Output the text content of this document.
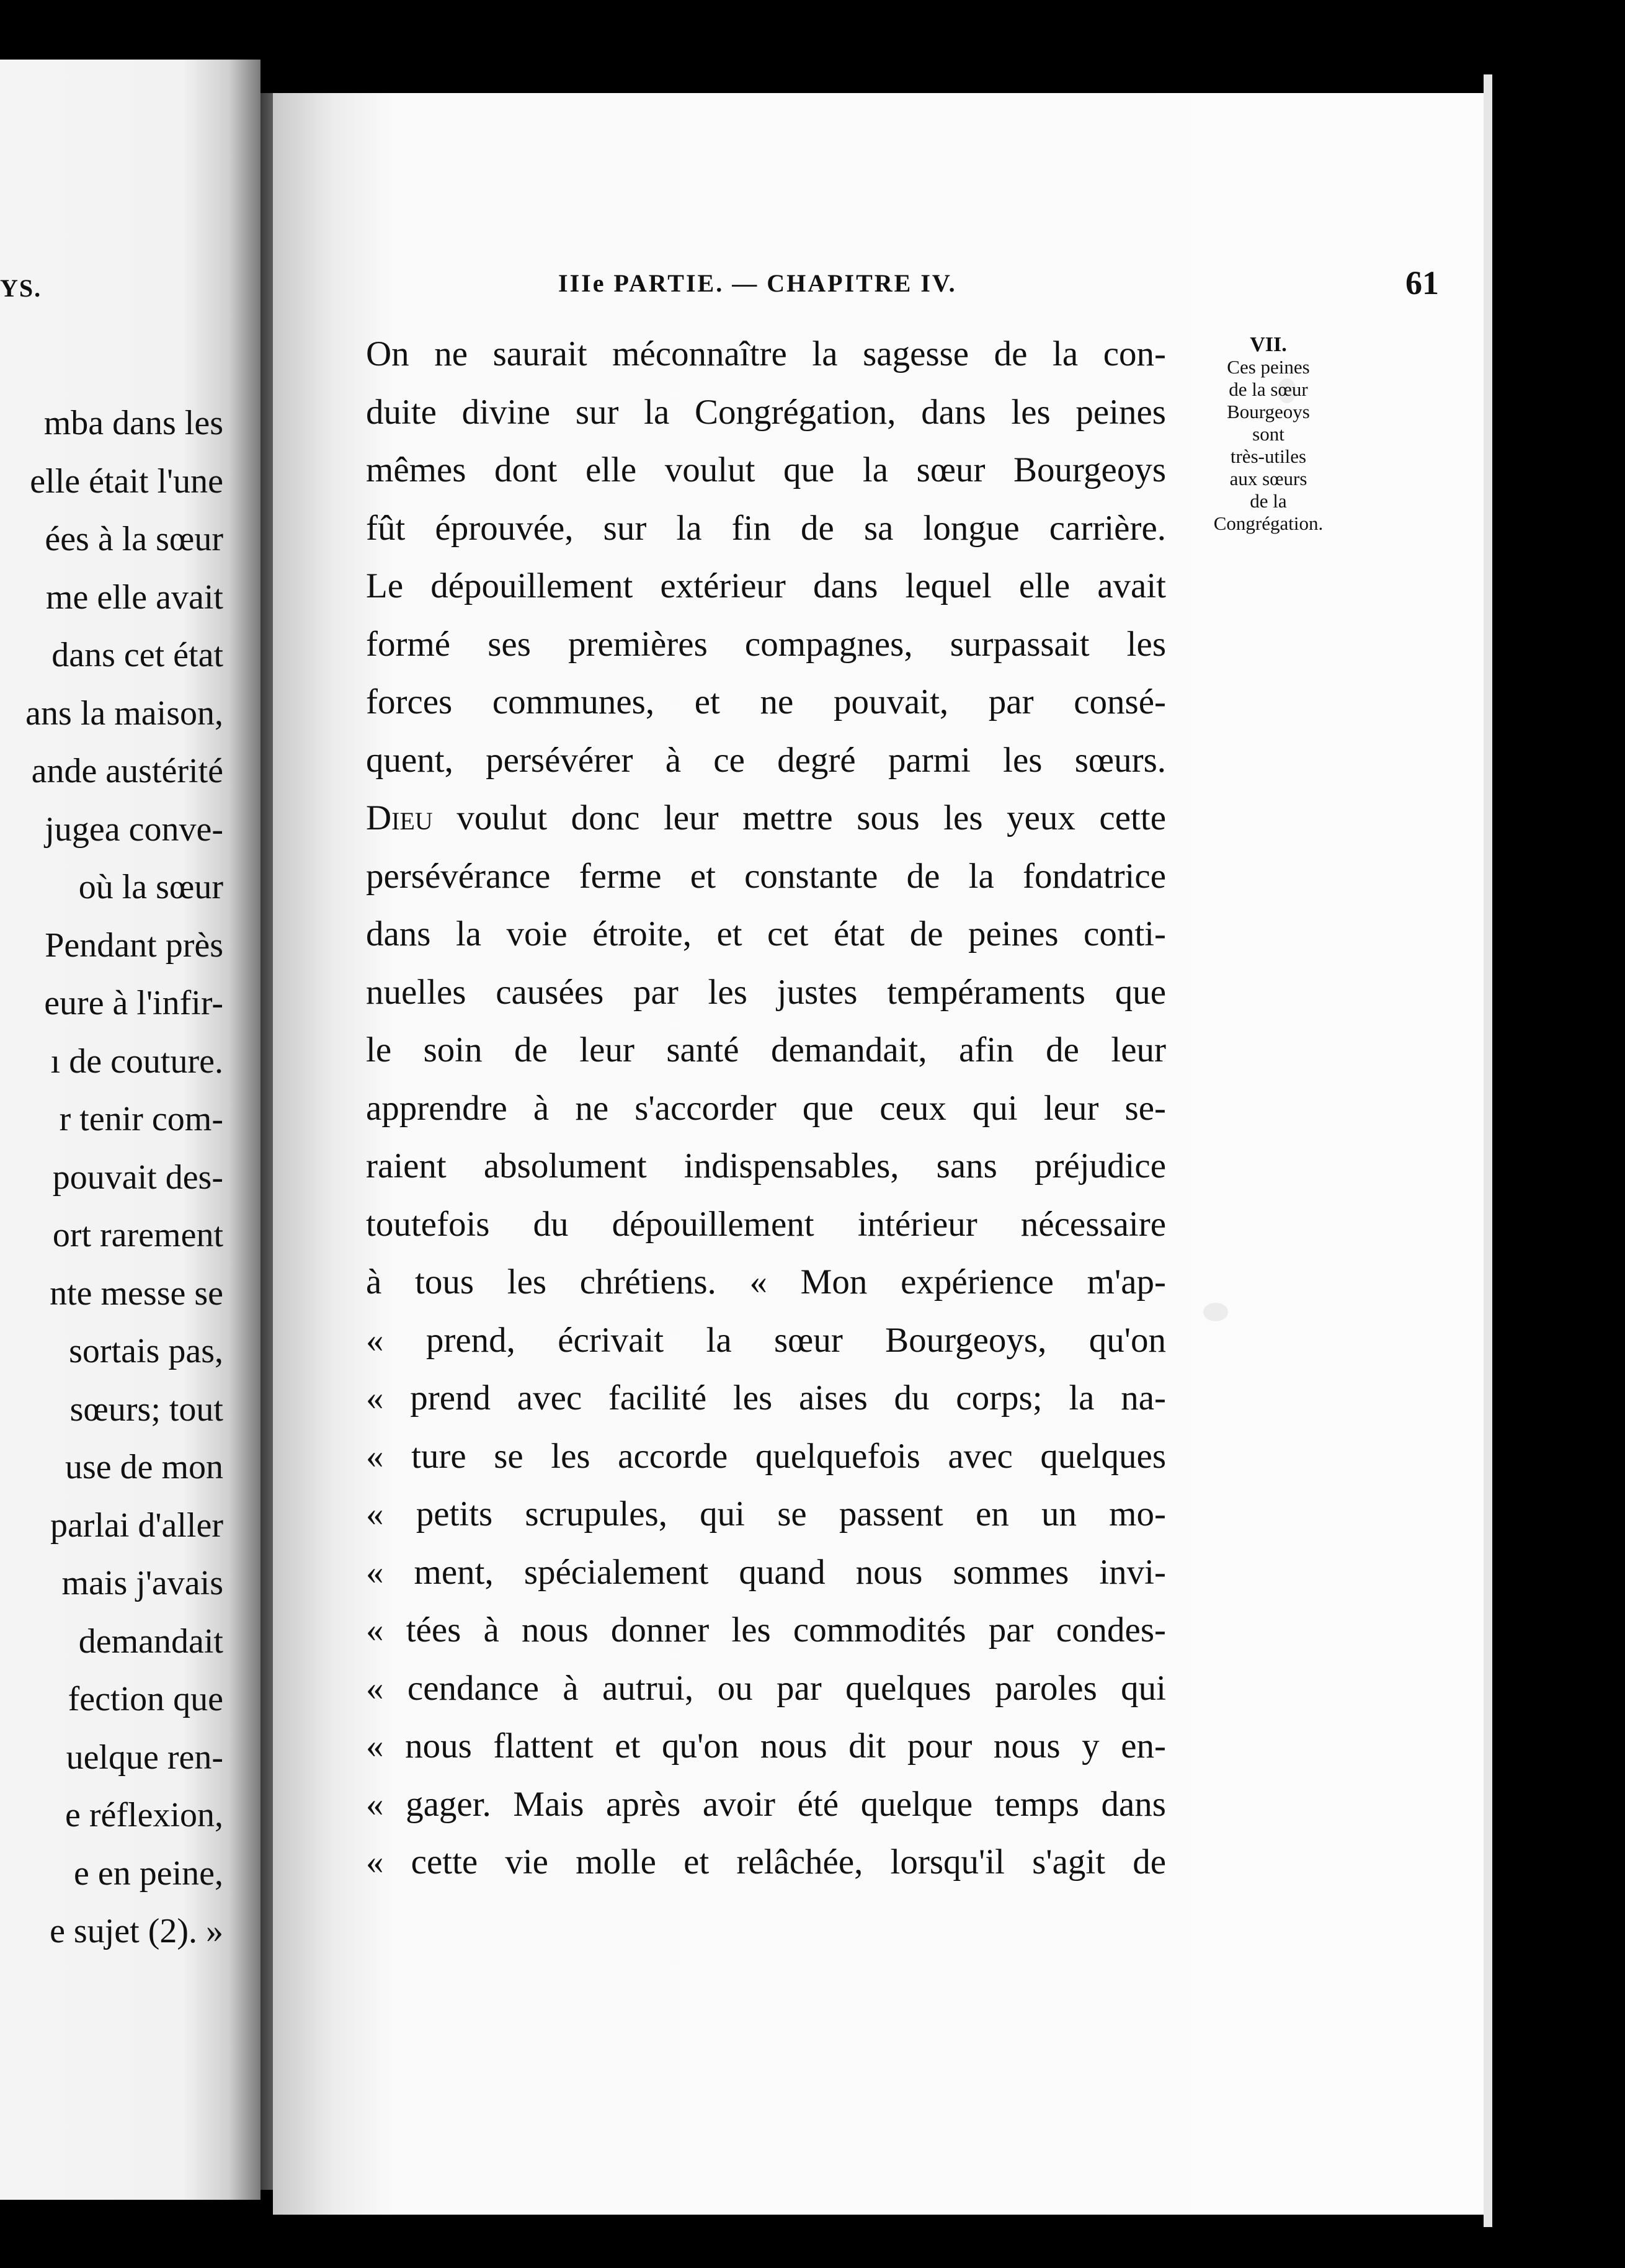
YS.
mba dans les
elle était l'une
ées à la sœur
me elle avait
dans cet état
ans la maison,
ande austérité
jugea conve-
où la sœur
Pendant près
eure à l'infir-
ı de couture.
r tenir com-
pouvait des-
ort rarement
nte messe se
sortais pas,
sœurs; tout
use de mon
parlai d'aller
mais j'avais
demandait
fection que
uelque ren-
e réflexion,
e en peine,
e sujet (2). »
IIIe PARTIE. — CHAPITRE IV.	61
On ne saurait méconnaître la sagesse de la con-
duite divine sur la Congrégation, dans les peines
mêmes dont elle voulut que la sœur Bourgeoys
fût éprouvée, sur la fin de sa longue carrière.
Le dépouillement extérieur dans lequel elle avait
formé ses premières compagnes, surpassait les
forces communes, et ne pouvait, par consé-
quent, persévérer à ce degré parmi les sœurs.
Dieu voulut donc leur mettre sous les yeux cette
persévérance ferme et constante de la fondatrice
dans la voie étroite, et cet état de peines conti-
nuelles causées par les justes tempéraments que
le soin de leur santé demandait, afin de leur
apprendre à ne s'accorder que ceux qui leur se-
raient absolument indispensables, sans préjudice
toutefois du dépouillement intérieur nécessaire
à tous les chrétiens. « Mon expérience m'ap-
« prend, écrivait la sœur Bourgeoys, qu'on
« prend avec facilité les aises du corps; la na-
« ture se les accorde quelquefois avec quelques
« petits scrupules, qui se passent en un mo-
« ment, spécialement quand nous sommes invi-
« tées à nous donner les commodités par condes-
« cendance à autrui, ou par quelques paroles qui
« nous flattent et qu'on nous dit pour nous y en-
« gager. Mais après avoir été quelque temps dans
« cette vie molle et relâchée, lorsqu'il s'agit de
VII.
Ces peines
de la sœur
Bourgeoys
sont
très-utiles
aux sœurs
de la
Congrégation.
